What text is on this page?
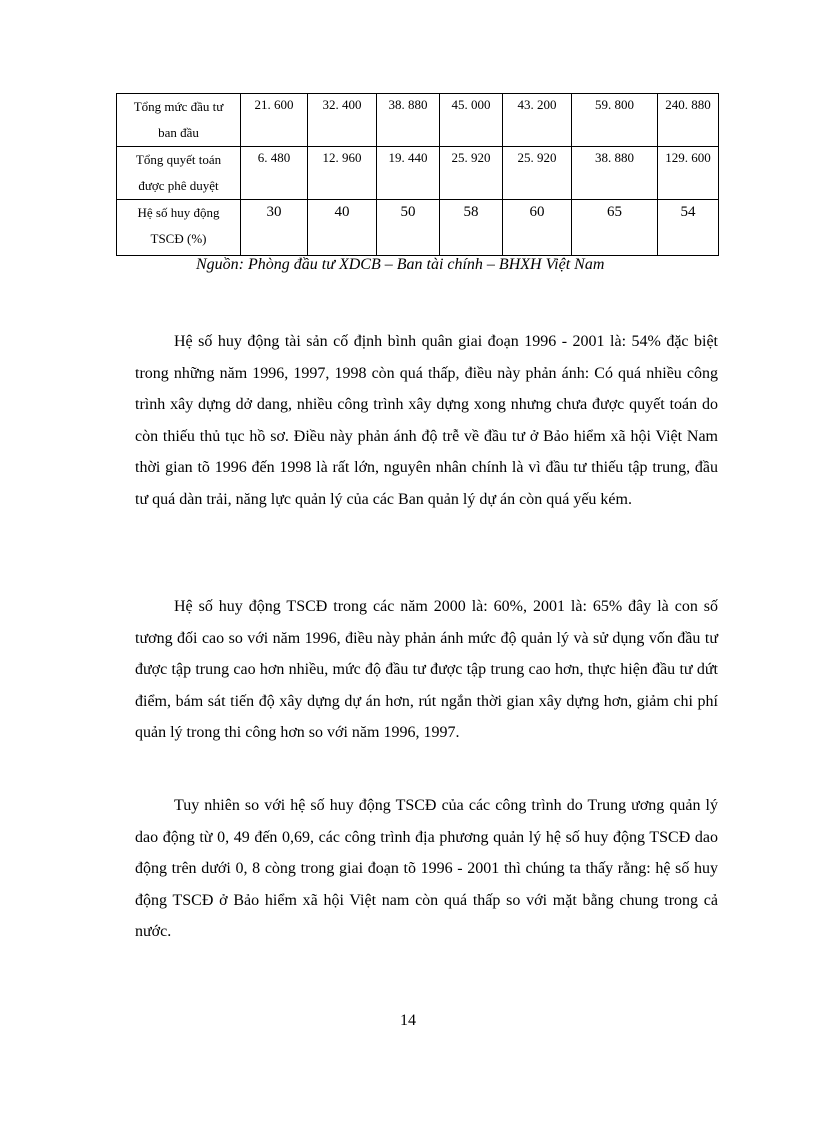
Tổng mức đầu tư
ban đầu	21. 600	32. 400	38. 880	45. 000	43. 200	59. 800	240. 880

Tổng quyết toán
được phê duyệt	6. 480	12. 960	19. 440	25. 920	25. 920	38. 880	129. 600

Hệ số huy động
TSCĐ (%)	30	40	50	58	60	65	54
Nguồn: Phòng đầu tư XDCB – Ban tài chính – BHXH Việt Nam

Hệ số huy động tài sản cố định bình quân giai đoạn 1996 - 2001 là: 54% đặc biệt trong những năm 1996, 1997, 1998 còn quá thấp, điều này phản ánh: Có quá nhiều công trình xây dựng dở dang, nhiều công trình xây dựng xong nhưng chưa được quyết toán do còn thiếu thủ tục hồ sơ. Điều này phản ánh độ trễ về đầu tư ở Bảo hiểm xã hội Việt Nam thời gian tõ 1996 đến 1998 là rất lớn, nguyên nhân chính là vì đầu tư thiếu tập trung, đầu tư quá dàn trải, năng lực quản lý của các Ban quản lý dự án còn quá yếu kém.

Hệ số huy động TSCĐ trong các năm 2000 là: 60%, 2001 là: 65% đây là con số tương đối cao so với năm 1996, điều này phản ánh mức độ quản lý và sử dụng vốn đầu tư được tập trung cao hơn nhiều, mức độ đầu tư được tập trung cao hơn, thực hiện đầu tư dứt điểm, bám sát tiến độ xây dựng dự án hơn, rút ngắn thời gian xây dựng hơn, giảm chi phí quản lý trong thi công hơn so với năm 1996, 1997.

Tuy nhiên so với hệ số huy động TSCĐ của các công trình do Trung ương quản lý dao động từ 0, 49 đến 0,69, các công trình địa phương quản lý hệ số huy động TSCĐ dao động trên dưới 0, 8 còng trong giai đoạn tõ 1996 - 2001 thì chúng ta thấy rằng: hệ số huy động TSCĐ ở Bảo hiểm xã hội Việt nam còn quá thấp so với mặt bằng chung trong cả nước.

14
